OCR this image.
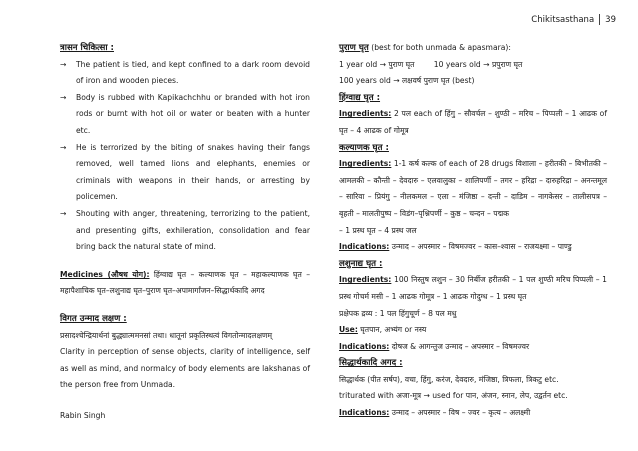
Chikitsasthana 39
त्रासन चिकित्सा :
→	The patient is tied, and kept confined to a dark room devoid of iron and wooden pieces.
→	Body is rubbed with Kapikachchhu or branded with hot iron rods or burnt with hot oil or water or beaten with a hunter etc.
→	He is terrorized by the biting of snakes having their fangs removed, well tamed lions and elephants, enemies or criminals with weapons in their hands, or arresting by policemen.
→	Shouting with anger, threatening, terrorizing to the patient, and presenting gifts, exhileration, consolidation and fear bring back the natural state of mind.
Medicines (औषध योग): हिंग्वाद्य घृत – कल्याणक घृत – महाकल्याणक घृत – महापैशाचिक घृत–लशुनाद्य घृत–पुराण घृत–अपामार्गांजन–सिद्धार्थकादि अगद
विगत उन्माद लक्षण :
प्रसादश्चेन्द्रियार्थनां बुद्ध्यात्ममनसां तथा। धातूनां प्रकृतिस्थत्वं विगतोन्मादलक्षणम्
Clarity in perception of sense objects, clarity of intelligence, self as well as mind, and normalcy of body elements are lakshanas of the person free from Unmada.
पुराण घृत (best for both unmada & apasmara):
1 year old → पुराण घृत        10 years old → प्रपुराण घृत
100 years old → लक्षवर्ष पुराण घृत (best)
हिंग्वाद्य घृत :
Ingredients: 2 पल each of हिंगु – सौवर्चल – शुण्ठी – मरिच – पिप्पली – 1 आढक of घृत – 4 आढक of गोमूत्र
कल्याणक घृत :
Ingredients: 1-1 कर्ष कल्क of each of 28 drugs विशाला – हरीतकी – बिभीतकी – आमलकी – कौन्ती – देवदारु – एलवालुका – शालिपर्णी – तगर – हरिद्रा – दारुहरिद्रा – अनन्तमूल – सारिवा – प्रियंगु – नीलकमल – एला – मंजिष्ठा – दन्ती – दाडिम – नागकेसर – तालीसपत्र – बृहती – मालतीपुष्प – विडंग–पृश्निपर्णी – कुष्ठ – चन्दन – पद्मक
– 1 प्रस्थ घृत – 4 प्रस्थ जल
Indications: उन्माद – अपस्मार – विषमज्वर – कास–श्वास – राजयक्ष्मा – पाण्डु
लशुनाद्य घृत :
Ingredients: 100 निस्तुष लशुन – 30 निर्बीज हरीतकी – 1 पल शुण्ठी मरिच पिप्पली – 1 प्रस्थ गोचर्म मसी – 1 आढक गोमूत्र – 1 आढक गोदुग्ध – 1 प्रस्थ घृत
प्रक्षेपक द्रव्य : 1 पल हिंगुचूर्ण – 8 पल मधु
Use: घृतपान, अभ्यंग or नस्य
Indications: दोषज & आगन्तुज उन्माद – अपस्मार – विषमज्वर
सिद्धार्थकादि अगद :
सिद्धार्थक (पीत सर्षप), वचा, हिंगु, करंज, देवदारु, मंजिष्ठा, त्रिफला, त्रिकटु etc.
triturated with अजा-मूत्र → used for पान, अंजन, स्नान, लेप, उद्वर्तन etc.
Indications: उन्माद – अपस्मार – विष – ज्वर – कृत्य – अलक्ष्मी
Rabin Singh
